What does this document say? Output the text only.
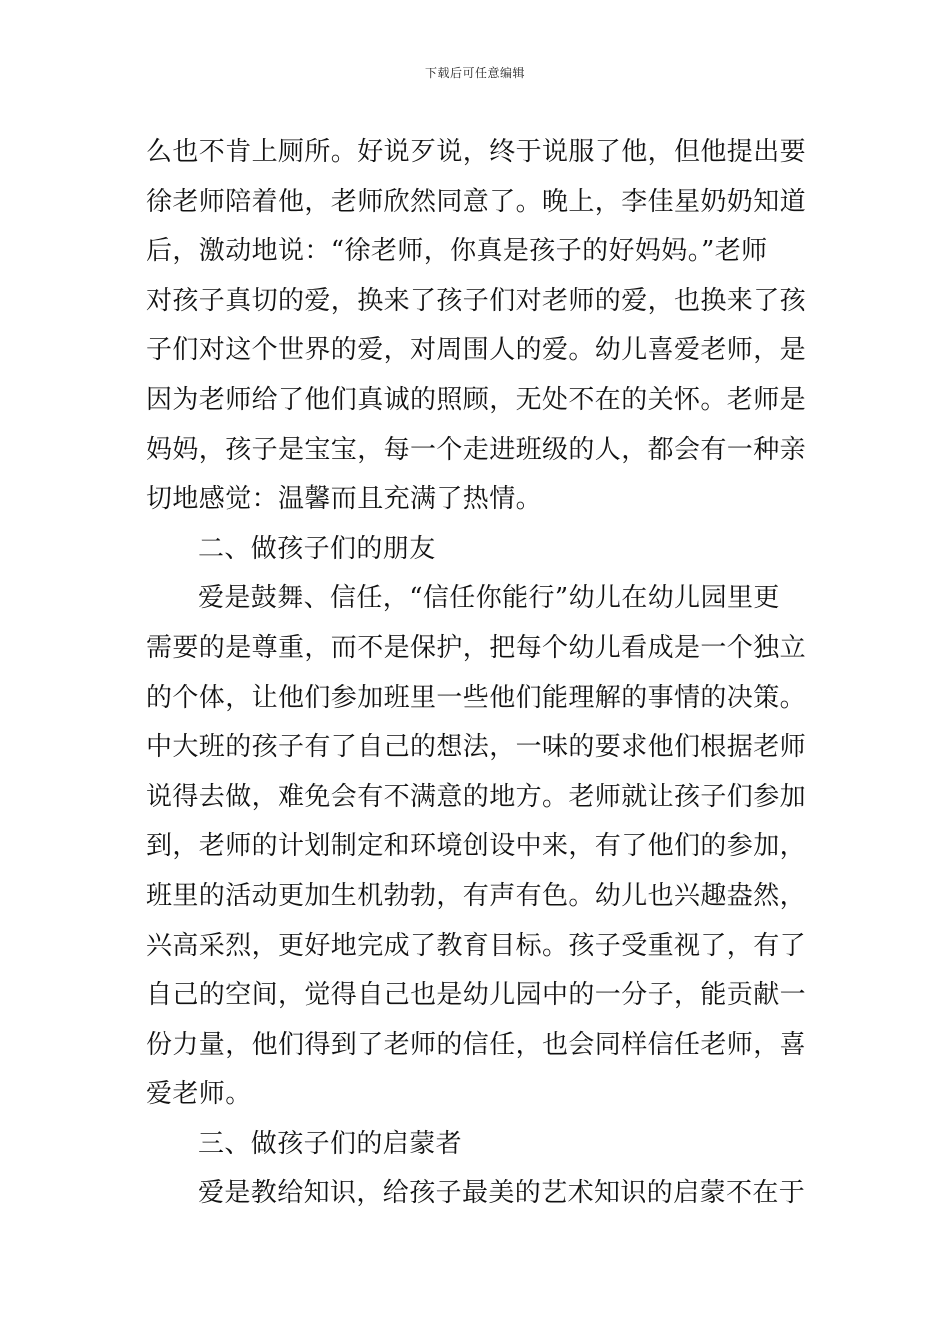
下载后可任意编辑
么也不肯上厕所。好说歹说，终于说服了他，但他提出要
徐老师陪着他，老师欣然同意了。晚上，李佳星奶奶知道
后，激动地说：“徐老师，你真是孩子的好妈妈。”老师
对孩子真切的爱，换来了孩子们对老师的爱，也换来了孩
子们对这个世界的爱，对周围人的爱。幼儿喜爱老师，是
因为老师给了他们真诚的照顾，无处不在的关怀。老师是
妈妈，孩子是宝宝，每一个走进班级的人，都会有一种亲
切地感觉：温馨而且充满了热情。
二、做孩子们的朋友
爱是鼓舞、信任，“信任你能行”幼儿在幼儿园里更
需要的是尊重，而不是保护，把每个幼儿看成是一个独立
的个体，让他们参加班里一些他们能理解的事情的决策。
中大班的孩子有了自己的想法，一味的要求他们根据老师
说得去做，难免会有不满意的地方。老师就让孩子们参加
到，老师的计划制定和环境创设中来，有了他们的参加，
班里的活动更加生机勃勃，有声有色。幼儿也兴趣盎然，
兴高采烈，更好地完成了教育目标。孩子受重视了，有了
自己的空间，觉得自己也是幼儿园中的一分子，能贡献一
份力量，他们得到了老师的信任，也会同样信任老师，喜
爱老师。
三、做孩子们的启蒙者
爱是教给知识，给孩子最美的艺术知识的启蒙不在于
